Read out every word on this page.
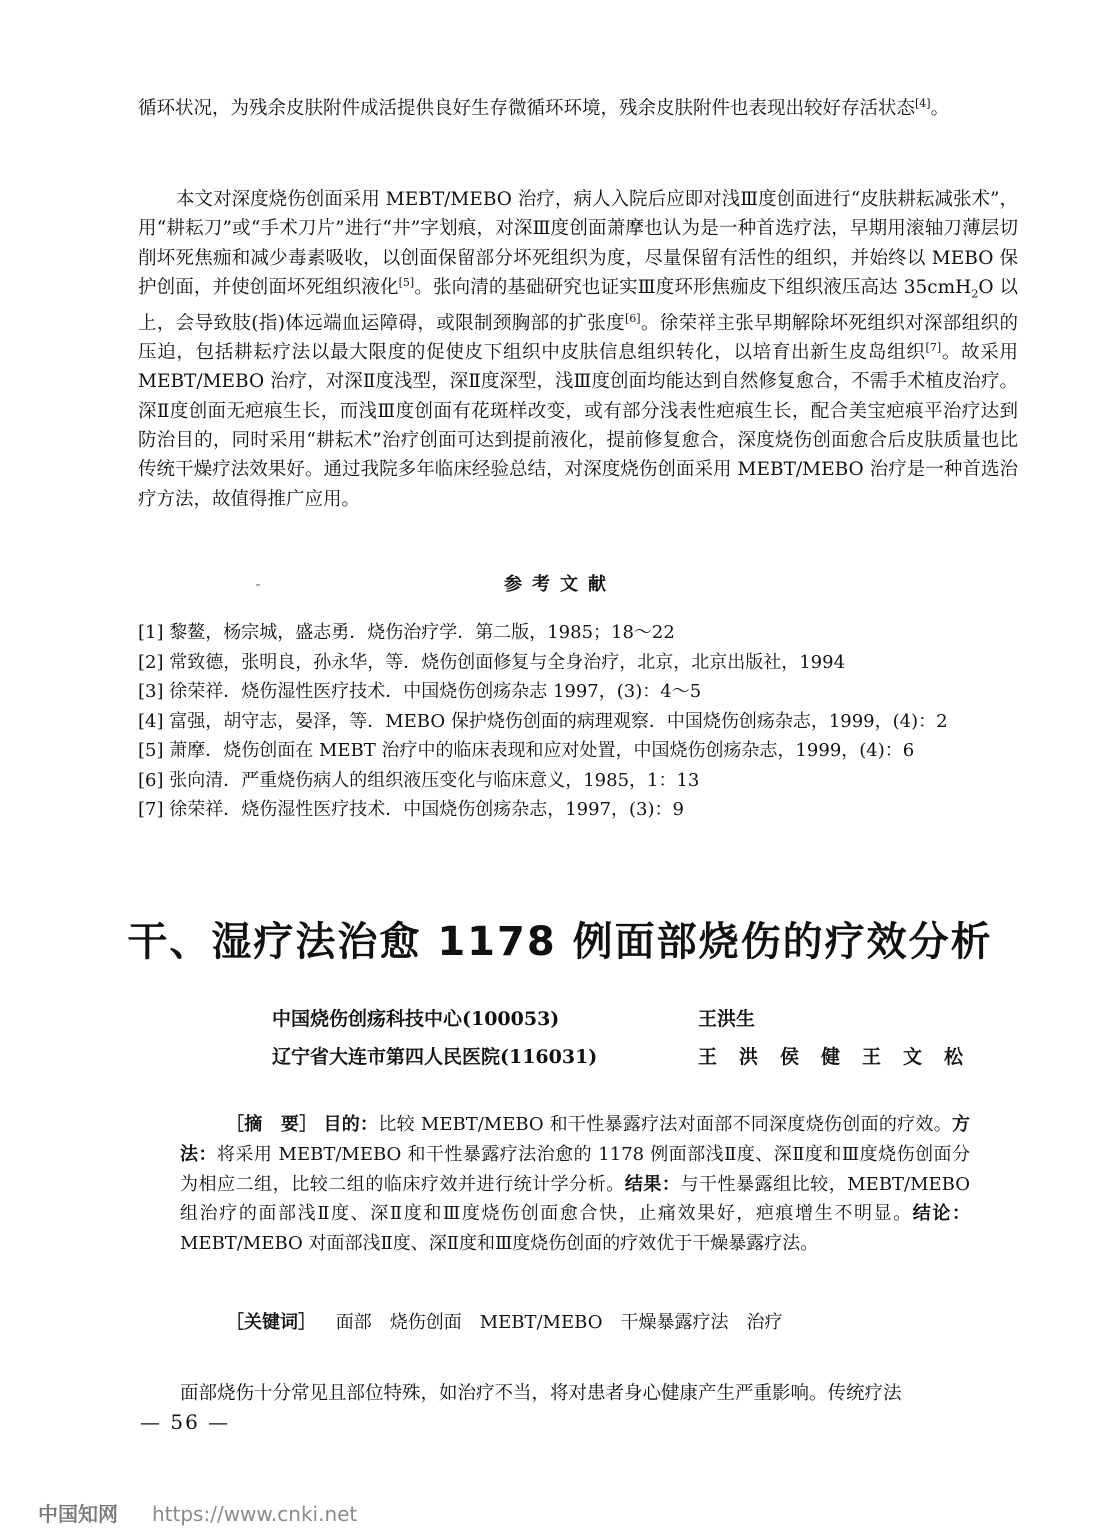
循环状况，为残余皮肤附件成活提供良好生存微循环环境，残余皮肤附件也表现出较好存活状态[4]。

本文对深度烧伤创面采用 MEBT/MEBO 治疗，病人入院后应即对浅Ⅲ度创面进行“皮肤耕耘减张术”，用“耕耘刀”或“手术刀片”进行“井”字划痕，对深Ⅲ度创面萧摩也认为是一种首选疗法，早期用滚轴刀薄层切削坏死焦痂和减少毒素吸收，以创面保留部分坏死组织为度，尽量保留有活性的组织，并始终以 MEBO 保护创面，并使创面坏死组织液化[5]。张向清的基础研究也证实Ⅲ度环形焦痂皮下组织液压高达 35cmH$_2$O 以上，会导致肢(指)体远端血运障碍，或限制颈胸部的扩张度[6]。徐荣祥主张早期解除坏死组织对深部组织的压迫，包括耕耘疗法以最大限度的促使皮下组织中皮肤信息组织转化，以培育出新生皮岛组织[7]。故采用 MEBT/MEBO 治疗，对深Ⅱ度浅型，深Ⅱ度深型，浅Ⅲ度创面均能达到自然修复愈合，不需手术植皮治疗。深Ⅱ度创面无疤痕生长，而浅Ⅲ度创面有花斑样改变，或有部分浅表性疤痕生长，配合美宝疤痕平治疗达到防治目的，同时采用“耕耘术”治疗创面可达到提前液化，提前修复愈合，深度烧伤创面愈合后皮肤质量也比传统干燥疗法效果好。通过我院多年临床经验总结，对深度烧伤创面采用 MEBT/MEBO 治疗是一种首选治疗方法，故值得推广应用。

˶	参考文献
[1] 黎鳌，杨宗城，盛志勇．烧伤治疗学．第二版，1985；18～22
[2] 常致德，张明良，孙永华，等．烧伤创面修复与全身治疗，北京，北京出版社，1994
[3] 徐荣祥．烧伤湿性医疗技术．中国烧伤创疡杂志 1997，(3)：4～5
[4] 富强，胡守志，晏泽，等．MEBO 保护烧伤创面的病理观察．中国烧伤创疡杂志，1999，(4)：2
[5] 萧摩．烧伤创面在 MEBT 治疗中的临床表现和应对处置，中国烧伤创疡杂志，1999，(4)：6
[6] 张向清．严重烧伤病人的组织液压变化与临床意义，1985，1：13
[7] 徐荣祥．烧伤湿性医疗技术．中国烧伤创疡杂志，1997，(3)：9
干、湿疗法治愈 1178 例面部烧伤的疗效分析
中国烧伤创疡科技中心(100053)	王洪生
辽宁省大连市第四人民医院(116031)	王洪侯健王文松

［摘　要］ 目的：比较 MEBT/MEBO 和干性暴露疗法对面部不同深度烧伤创面的疗效。方法：将采用 MEBT/MEBO 和干性暴露疗法治愈的 1178 例面部浅Ⅱ度、深Ⅱ度和Ⅲ度烧伤创面分为相应二组，比较二组的临床疗效并进行统计学分析。结果：与干性暴露组比较，MEBT/MEBO 组治疗的面部浅Ⅱ度、深Ⅱ度和Ⅲ度烧伤创面愈合快，止痛效果好，疤痕增生不明显。结论：MEBT/MEBO 对面部浅Ⅱ度、深Ⅱ度和Ⅲ度烧伤创面的疗效优于干燥暴露疗法。

［关键词］ 面部　烧伤创面　MEBT/MEBO　干燥暴露疗法　治疗

面部烧伤十分常见且部位特殊，如治疗不当，将对患者身心健康产生严重影响。传统疗法

— 56 —
中国知网 https://www.cnki.net
